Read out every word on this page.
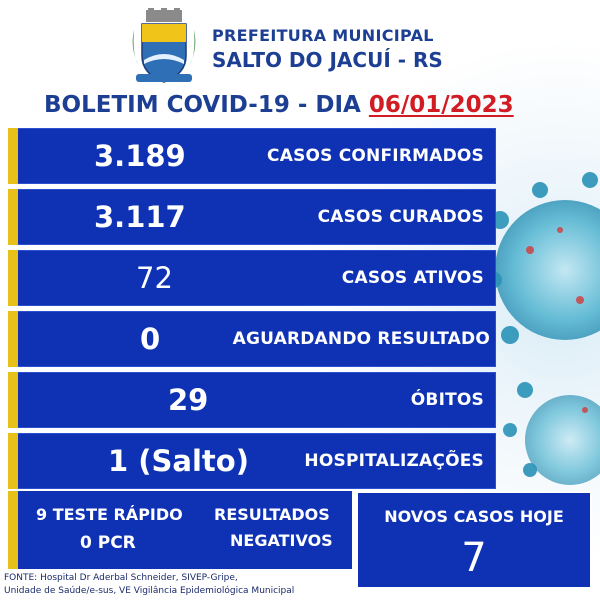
PREFEITURA MUNICIPAL
SALTO DO JACUÍ - RS
BOLETIM COVID-19 - DIA 06/01/2023
3.189	CASOS CONFIRMADOS
3.117	CASOS CURADOS
72	CASOS ATIVOS
0	AGUARDANDO RESULTADO
29	ÓBITOS
1 (Salto)	HOSPITALIZAÇÕES
9 TESTE RÁPIDO
0 PCR
RESULTADOS
NEGATIVOS
NOVOS CASOS HOJE
7
FONTE: Hospital Dr Aderbal Schneider, SIVEP-Gripe,
Unidade de Saúde/e-sus, VE Vigilância Epidemiológica Municipal
